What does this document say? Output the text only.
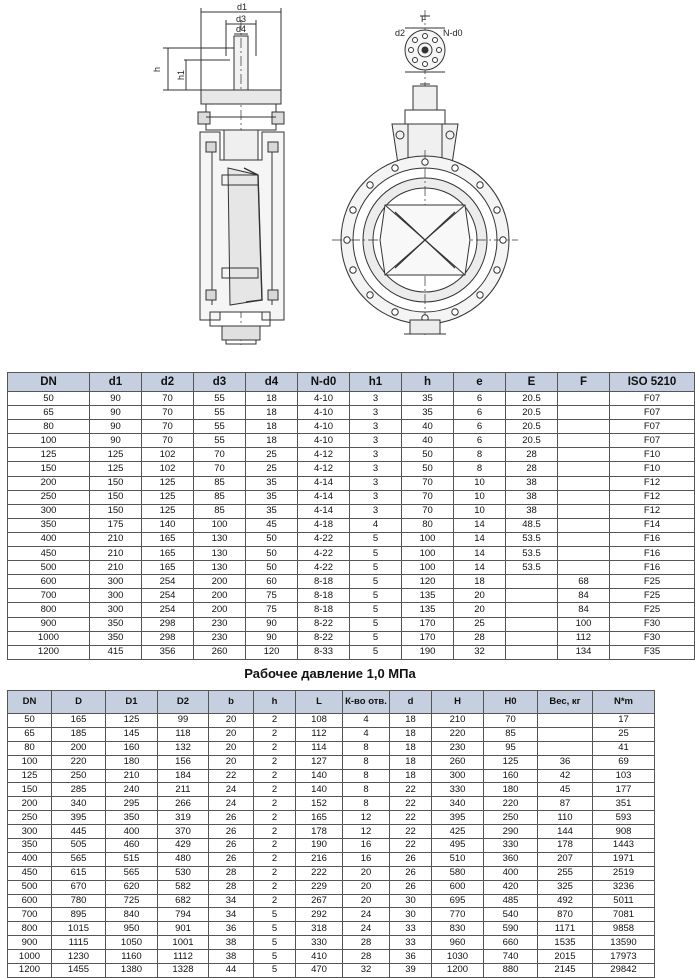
d1
d3
d4
h
h1
d2	N-d0
F
DN	d1	d2	d3	d4	N-d0	h1	h	e	E	F	ISO 5210
50	90	70	55	18	4-10	3	35	6	20.5		F07
65	90	70	55	18	4-10	3	35	6	20.5		F07
80	90	70	55	18	4-10	3	40	6	20.5		F07
100	90	70	55	18	4-10	3	40	6	20.5		F07
125	125	102	70	25	4-12	3	50	8	28		F10
150	125	102	70	25	4-12	3	50	8	28		F10
200	150	125	85	35	4-14	3	70	10	38		F12
250	150	125	85	35	4-14	3	70	10	38		F12
300	150	125	85	35	4-14	3	70	10	38		F12
350	175	140	100	45	4-18	4	80	14	48.5		F14
400	210	165	130	50	4-22	5	100	14	53.5		F16
450	210	165	130	50	4-22	5	100	14	53.5		F16
500	210	165	130	50	4-22	5	100	14	53.5		F16
600	300	254	200	60	8-18	5	120	18		68	F25
700	300	254	200	75	8-18	5	135	20		84	F25
800	300	254	200	75	8-18	5	135	20		84	F25
900	350	298	230	90	8-22	5	170	25		100	F30
1000	350	298	230	90	8-22	5	170	28		112	F30
1200	415	356	260	120	8-33	5	190	32		134	F35
Рабочее давление 1,0 МПа
DN	D	D1	D2	b	h	L	К-во отв.	d	H	H0	Вес, кг	N*m
50	165	125	99	20	2	108	4	18	210	70		17
65	185	145	118	20	2	112	4	18	220	85		25
80	200	160	132	20	2	114	8	18	230	95		41
100	220	180	156	20	2	127	8	18	260	125	36	69
125	250	210	184	22	2	140	8	18	300	160	42	103
150	285	240	211	24	2	140	8	22	330	180	45	177
200	340	295	266	24	2	152	8	22	340	220	87	351
250	395	350	319	26	2	165	12	22	395	250	110	593
300	445	400	370	26	2	178	12	22	425	290	144	908
350	505	460	429	26	2	190	16	22	495	330	178	1443
400	565	515	480	26	2	216	16	26	510	360	207	1971
450	615	565	530	28	2	222	20	26	580	400	255	2519
500	670	620	582	28	2	229	20	26	600	420	325	3236
600	780	725	682	34	2	267	20	30	695	485	492	5011
700	895	840	794	34	5	292	24	30	770	540	870	7081
800	1015	950	901	36	5	318	24	33	830	590	1171	9858
900	1115	1050	1001	38	5	330	28	33	960	660	1535	13590
1000	1230	1160	1112	38	5	410	28	36	1030	740	2015	17973
1200	1455	1380	1328	44	5	470	32	39	1200	880	2145	29842
